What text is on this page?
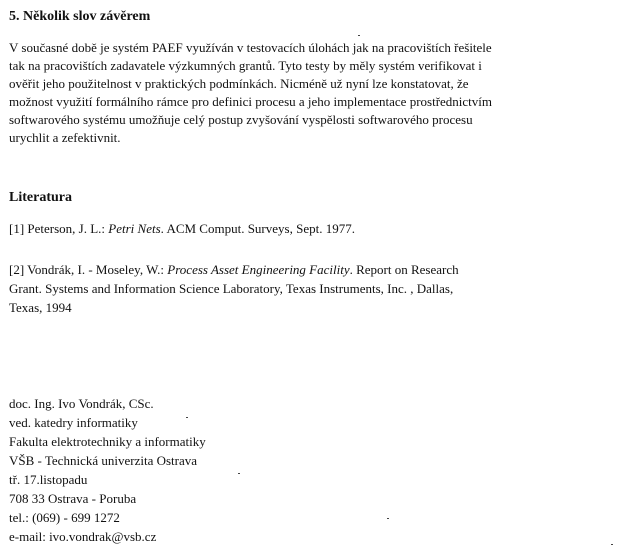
5. Několik slov závěrem
V současné době je systém PAEF využíván v testovacích úlohách jak na pracovištích řešitele
tak na pracovištích zadavatele výzkumných grantů. Tyto testy by měly systém verifikovat i
ověřit jeho použitelnost v praktických podmínkách. Nicméně už nyní lze konstatovat, že
možnost využití formálního rámce pro definici procesu a jeho implementace prostřednictvím
softwarového systému umožňuje celý postup zvyšování vyspělosti softwarového procesu
urychlit a zefektivnit.
Literatura
[1] Peterson, J. L.: Petri Nets. ACM Comput. Surveys, Sept. 1977.
[2] Vondrák, I. - Moseley, W.: Process Asset Engineering Facility. Report on Research
Grant. Systems and Information Science Laboratory, Texas Instruments, Inc. , Dallas,
Texas, 1994
doc. Ing. Ivo Vondrák, CSc.
ved. katedry informatiky
Fakulta elektrotechniky a informatiky
VŠB - Technická univerzita Ostrava
tř. 17.listopadu
708 33 Ostrava - Poruba
tel.: (069) - 699 1272
e-mail: ivo.vondrak@vsb.cz
